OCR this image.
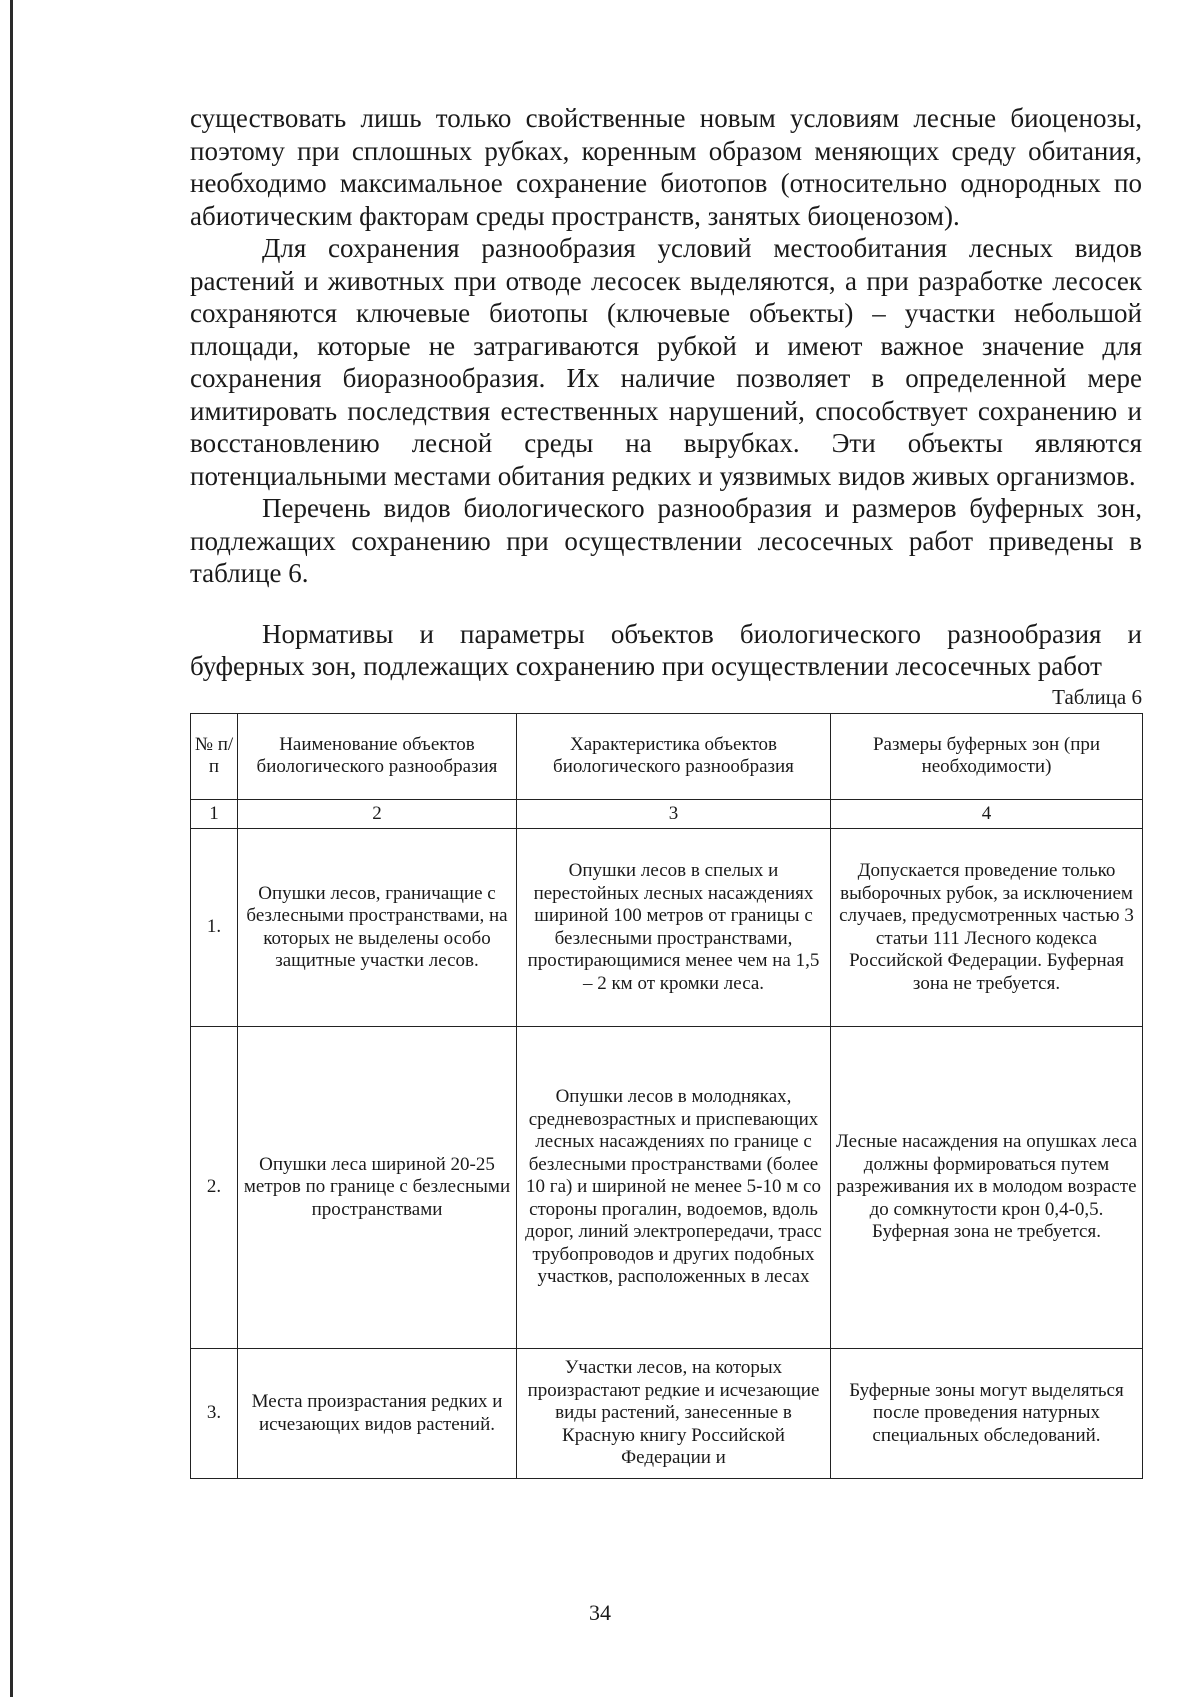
существовать лишь только свойственные новым условиям лесные биоценозы, поэтому при сплошных рубках, коренным образом меняющих среду обитания, необходимо максимальное сохранение биотопов (относительно однородных по абиотическим факторам среды пространств, занятых биоценозом).

Для сохранения разнообразия условий местообитания лесных видов растений и животных при отводе лесосек выделяются, а при разработке лесосек сохраняются ключевые биотопы (ключевые объекты) – участки небольшой площади, которые не затрагиваются рубкой и имеют важное значение для сохранения биоразнообразия. Их наличие позволяет в определенной мере имитировать последствия естественных нарушений, способствует сохранению и восстановлению лесной среды на вырубках. Эти объекты являются потенциальными местами обитания редких и уязвимых видов живых организмов.

Перечень видов биологического разнообразия и размеров буферных зон, подлежащих сохранению при осуществлении лесосечных работ приведены в таблице 6.

Нормативы и параметры объектов биологического разнообразия и буферных зон, подлежащих сохранению при осуществлении лесосечных работ

Таблица 6
№ п/п	Наименование объектов биологического разнообразия	Характеристика объектов биологического разнообразия	Размеры буферных зон (при необходимости)
1	2	3	4
1.	Опушки лесов, граничащие с безлесными пространствами, на которых не выделены особо защитные участки лесов.	Опушки лесов в спелых и перестойных лесных насаждениях шириной 100 метров от границы с безлесными пространствами, простирающимися менее чем на 1,5 – 2 км от кромки леса.	Допускается проведение только выборочных рубок, за исключением случаев, предусмотренных частью 3 статьи 111 Лесного кодекса Российской Федерации. Буферная зона не требуется.
2.	Опушки леса шириной 20-25 метров по границе с безлесными пространствами	Опушки лесов в молодняках, средневозрастных и приспевающих лесных насаждениях по границе с безлесными пространствами (более 10 га) и шириной не менее 5-10 м со стороны прогалин, водоемов, вдоль дорог, линий электропередачи, трасс трубопроводов и других подобных участков, расположенных в лесах	Лесные насаждения на опушках леса должны формироваться путем разреживания их в молодом возрасте до сомкнутости крон 0,4-0,5. Буферная зона не требуется.
3.	Места произрастания редких и исчезающих видов растений.	Участки лесов, на которых произрастают редкие и исчезающие виды растений, занесенные в Красную книгу Российской Федерации и	Буферные зоны могут выделяться после проведения натурных специальных обследований.
34
